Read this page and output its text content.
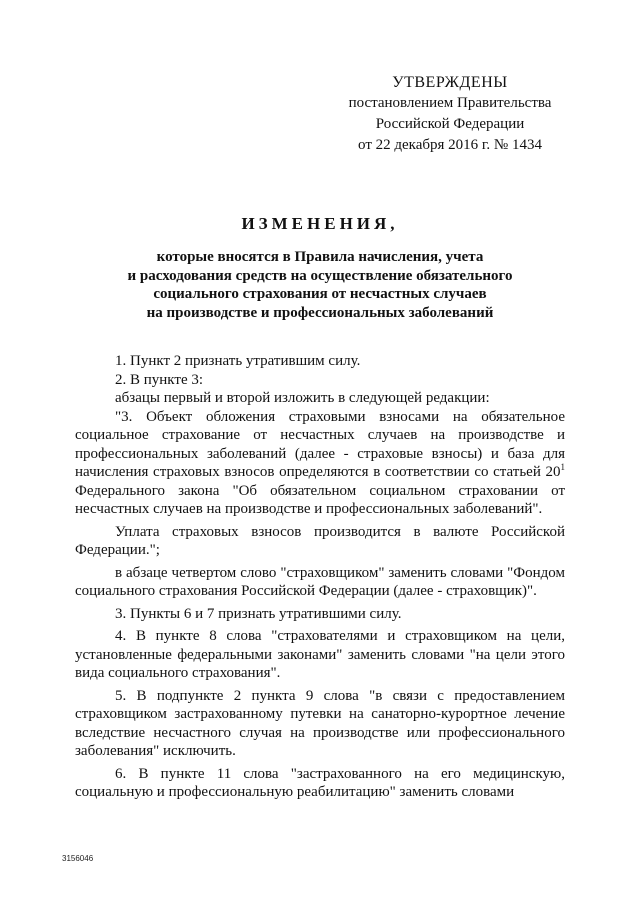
УТВЕРЖДЕНЫ
постановлением Правительства
Российской Федерации
от 22 декабря 2016 г. № 1434
ИЗМЕНЕНИЯ,
которые вносятся в Правила начисления, учета
и расходования средств на осуществление обязательного
социального страхования от несчастных случаев
на производстве и профессиональных заболеваний

1. Пункт 2 признать утратившим силу.

2. В пункте 3:

абзацы первый и второй изложить в следующей редакции:

"3. Объект обложения страховыми взносами на обязательное социальное страхование от несчастных случаев на производстве и профессиональных заболеваний (далее - страховые взносы) и база для начисления страховых взносов определяются в соответствии со статьей $20^1$ Федерального закона "Об обязательном социальном страховании от несчастных случаев на производстве и профессиональных заболеваний".

Уплата страховых взносов производится в валюте Российской Федерации.";

в абзаце четвертом слово "страховщиком" заменить словами "Фондом социального страхования Российской Федерации (далее - страховщик)".

3. Пункты 6 и 7 признать утратившими силу.

4. В пункте 8 слова "страхователями и страховщиком на цели, установленные федеральными законами" заменить словами "на цели этого вида социального страхования".

5. В подпункте 2 пункта 9 слова "в связи с предоставлением страховщиком застрахованному путевки на санаторно-курортное лечение вследствие несчастного случая на производстве или профессионального заболевания" исключить.

6. В пункте 11 слова "застрахованного на его медицинскую, социальную и профессиональную реабилитацию" заменить словами

3156046
